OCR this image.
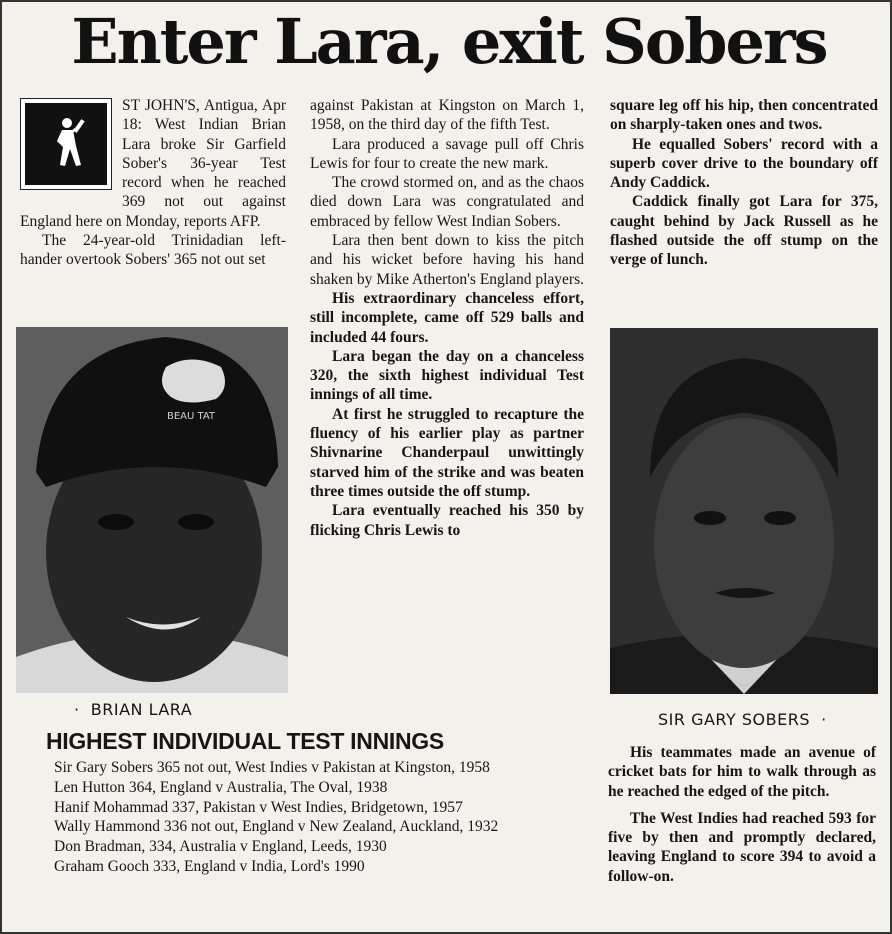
Enter Lara, exit Sobers

ST JOHN'S, Antigua, Apr 18: West Indian Brian Lara broke Sir Garfield Sober's 36-year Test record when he reached 369 not out against England here on Monday, reports AFP.

The 24-year-old Trinidadian left-hander overtook Sobers' 365 not out set

BEAU TAT
·  BRIAN LARA

against Pakistan at Kingston on March 1, 1958, on the third day of the fifth Test.

Lara produced a savage pull off Chris Lewis for four to create the new mark.

The crowd stormed on, and as the chaos died down Lara was congratulated and embraced by fellow West Indian Sobers.

Lara then bent down to kiss the pitch and his wicket before having his hand shaken by Mike Atherton's England players.

His extraordinary chanceless effort, still incomplete, came off 529 balls and included 44 fours.

Lara began the day on a chanceless 320, the sixth highest individual Test innings of all time.

At first he struggled to recapture the fluency of his earlier play as partner Shivnarine Chanderpaul unwittingly starved him of the strike and was beaten three times outside the off stump.

Lara eventually reached his 350 by flicking Chris Lewis to

square leg off his hip, then concentrated on sharply-taken ones and twos.

He equalled Sobers' record with a superb cover drive to the boundary off Andy Caddick.

Caddick finally got Lara for 375, caught behind by Jack Russell as he flashed outside the off stump on the verge of lunch.

SIR GARY SOBERS  ·

His teammates made an avenue of cricket bats for him to walk through as he reached the edged of the pitch.

The West Indies had reached 593 for five by then and promptly declared, leaving England to score 394 to avoid a follow-on.

HIGHEST INDIVIDUAL TEST INNINGS
Sir Gary Sobers 365 not out, West Indies v Pakistan at Kingston, 1958
Len Hutton 364, England v Australia, The Oval, 1938
Hanif Mohammad 337, Pakistan v West Indies, Bridgetown, 1957
Wally Hammond 336 not out, England v New Zealand, Auckland, 1932
Don Bradman, 334, Australia v England, Leeds, 1930
Graham Gooch 333, England v India, Lord's 1990
